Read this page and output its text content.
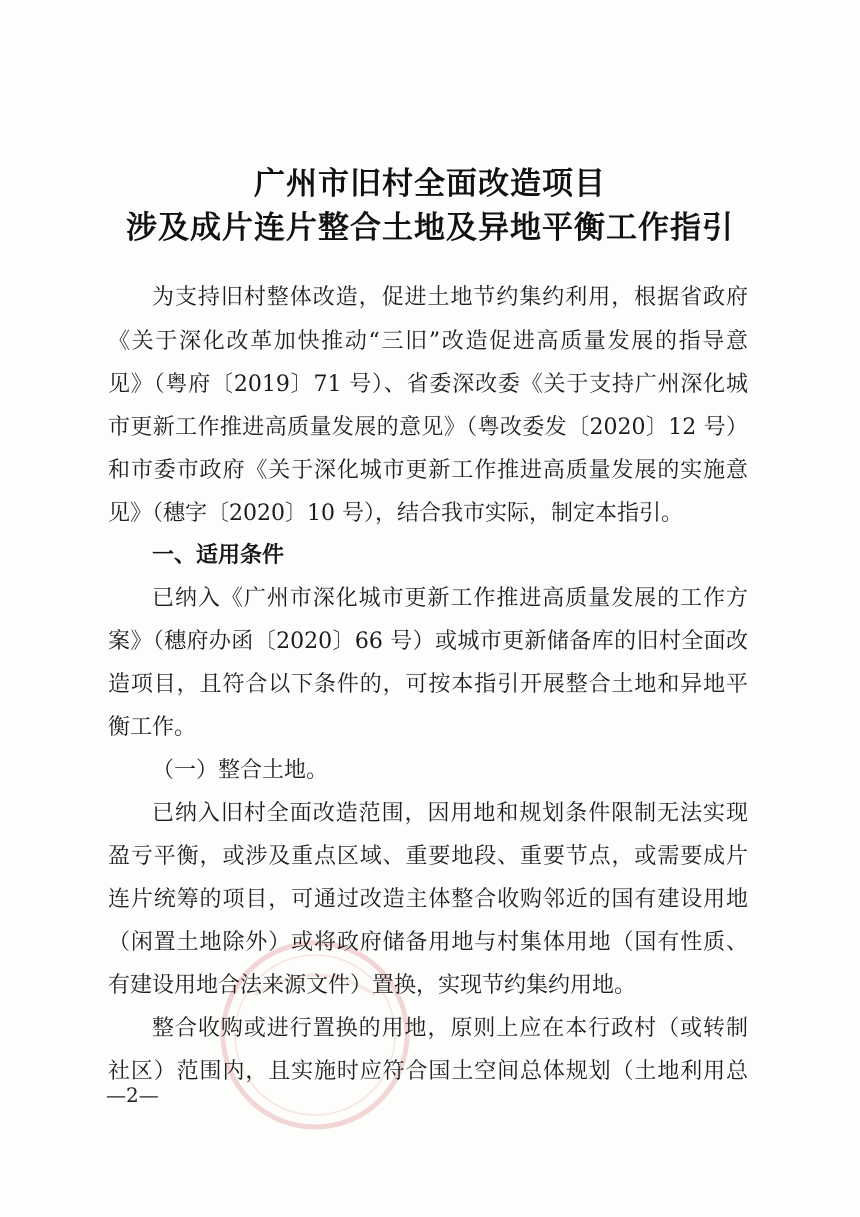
广州市旧村全面改造项目
涉及成片连片整合土地及异地平衡工作指引
为支持旧村整体改造，促进土地节约集约利用，根据省政府
《关于深化改革加快推动“三旧”改造促进高质量发展的指导意
见》（粤府〔2019〕71 号）、省委深改委《关于支持广州深化城
市更新工作推进高质量发展的意见》（粤改委发〔2020〕12 号）
和市委市政府《关于深化城市更新工作推进高质量发展的实施意
见》（穗字〔2020〕10 号），结合我市实际，制定本指引。
一、适用条件
已纳入《广州市深化城市更新工作推进高质量发展的工作方
案》（穗府办函〔2020〕66 号）或城市更新储备库的旧村全面改
造项目，且符合以下条件的，可按本指引开展整合土地和异地平
衡工作。
（一）整合土地。
已纳入旧村全面改造范围，因用地和规划条件限制无法实现
盈亏平衡，或涉及重点区域、重要地段、重要节点，或需要成片
连片统筹的项目，可通过改造主体整合收购邻近的国有建设用地
（闲置土地除外）或将政府储备用地与村集体用地（国有性质、
有建设用地合法来源文件）置换，实现节约集约用地。
整合收购或进行置换的用地，原则上应在本行政村（或转制
社区）范围内，且实施时应符合国土空间总体规划（土地利用总
—2—
